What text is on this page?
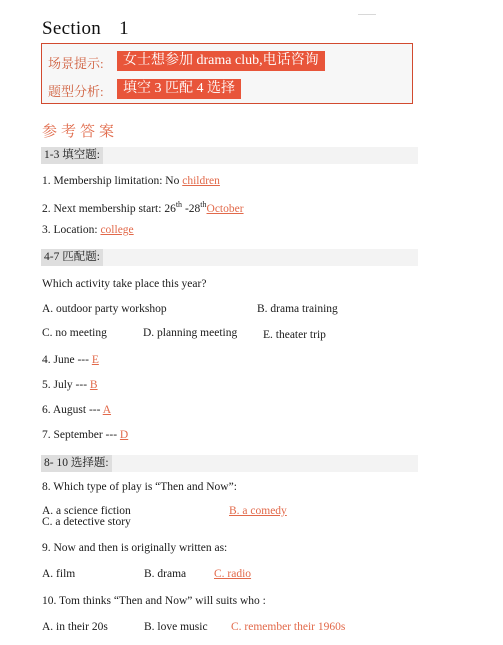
Section 1
场景提示:	女士想参加 drama club,电话咨询
题型分析:	填空 3 匹配 4 选择
参考答案
1-3 填空题:
1. Membership limitation: No children
2. Next membership start: 26th -28thOctober
3. Location: college
4-7 匹配题:
Which activity take place this year?
A. outdoor party workshop	B. drama training
C. no meeting	D. planning meeting E. theater trip
4. June --- E
5. July --- B
6. August --- A
7. September --- D
8- 10 选择题:
8. Which type of play is “Then and Now”:
A. a science fiction	B. a comedy
C. a detective story
9. Now and then is originally written as:
A. film	B. drama C. radio
10. Tom thinks “Then and Now” will suits who :
A. in their 20s	B. love music C. remember their 1960s
